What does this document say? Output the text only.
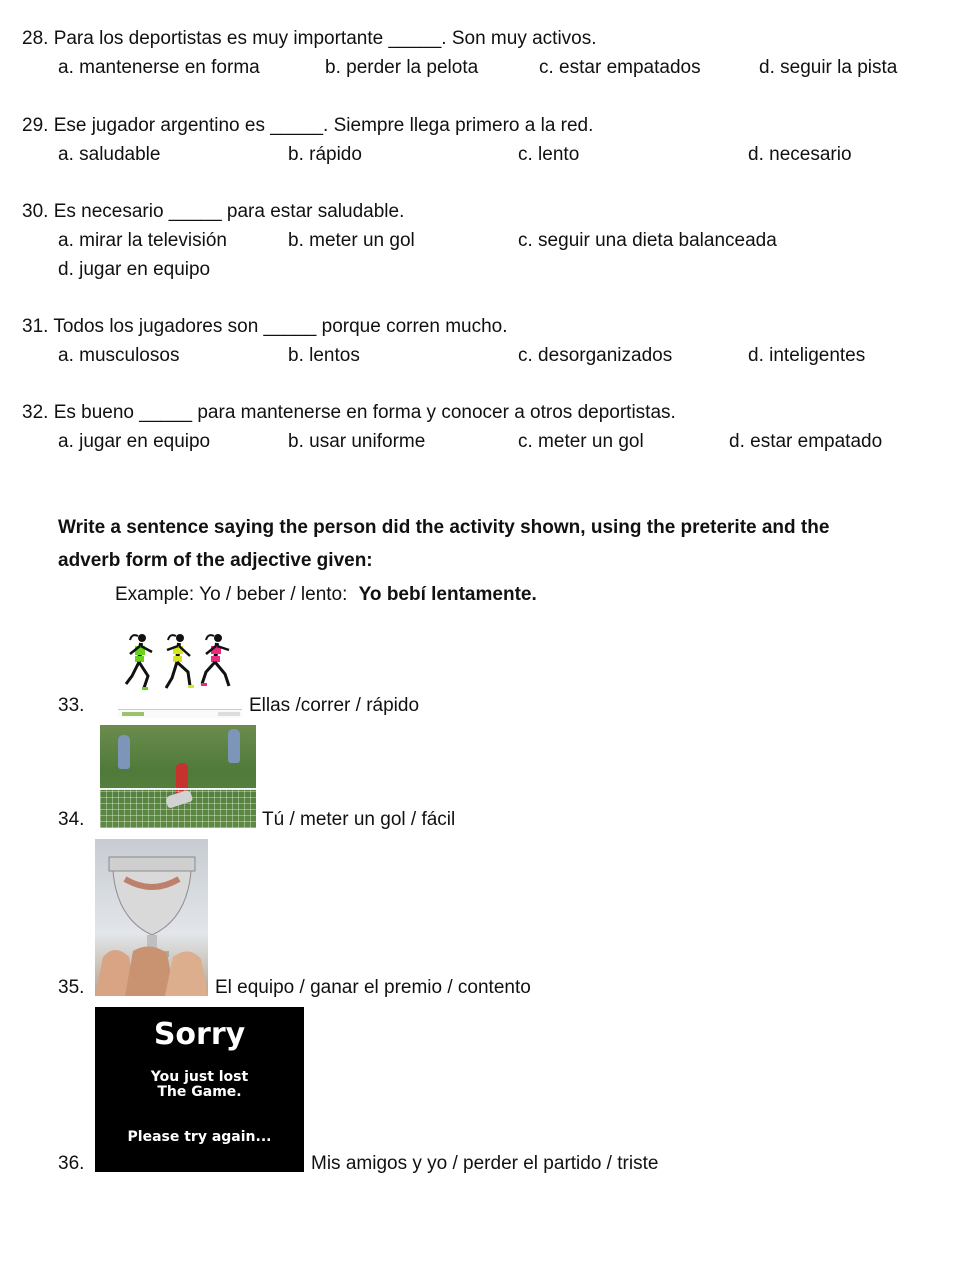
28. Para los deportistas es muy importante _____. Son muy activos.
a. mantenerse en forma	b. perder la pelota	c. estar empatados	d. seguir la pista
29. Ese jugador argentino es _____. Siempre llega primero a la red.
a. saludable	b. rápido	c. lento	d. necesario
30. Es necesario _____ para estar saludable.
a. mirar la televisión	b. meter un gol	c. seguir una dieta balanceada
d. jugar en equipo
31. Todos los jugadores son _____ porque corren mucho.
a. musculosos	b. lentos	c. desorganizados	d. inteligentes
32. Es bueno _____ para mantenerse en forma y conocer a otros deportistas.
a. jugar en equipo	b. usar uniforme	c. meter un gol	d. estar empatado
Write a sentence saying the person did the activity shown, using the preterite and the
adverb form of the adjective given:
Example: Yo / beber / lento: Yo bebí lentamente.
33.	Ellas /correr / rápido
34.	Tú / meter un gol / fácil
35.	El equipo / ganar el premio / contento
Sorry
You just lost
The Game.
Please try again...
36.	Mis amigos y yo / perder el partido / triste
